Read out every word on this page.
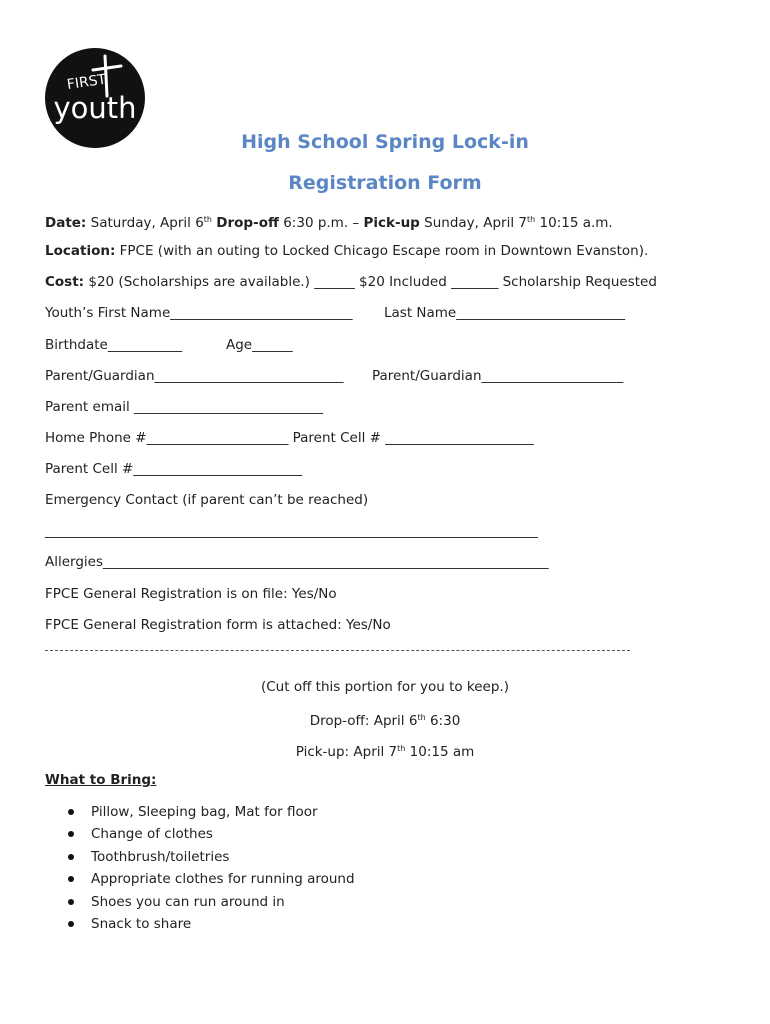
FIRST
youth
High School Spring Lock-in
Registration Form
Date: Saturday, April 6th Drop-off 6:30 p.m. – Pick-up Sunday, April 7th 10:15 a.m.
Location: FPCE (with an outing to Locked Chicago Escape room in Downtown Evanston).
Cost: $20 (Scholarships are available.) ______ $20 Included _______ Scholarship Requested
Youth’s First Name___________________________ Last Name_________________________
Birthdate___________	Age______
Parent/Guardian____________________________ Parent/Guardian_____________________
Parent email ____________________________
Home Phone #_____________________ Parent Cell # ______________________
Parent Cell #_________________________
Emergency Contact (if parent can’t be reached)
_________________________________________________________________________
Allergies__________________________________________________________________
FPCE General Registration is on file: Yes/No
FPCE General Registration form is attached: Yes/No
(Cut off this portion for you to keep.)
Drop-off: April 6th 6:30
Pick-up: April 7th 10:15 am
What to Bring:
Pillow, Sleeping bag, Mat for floor
Change of clothes
Toothbrush/toiletries
Appropriate clothes for running around
Shoes you can run around in
Snack to share
